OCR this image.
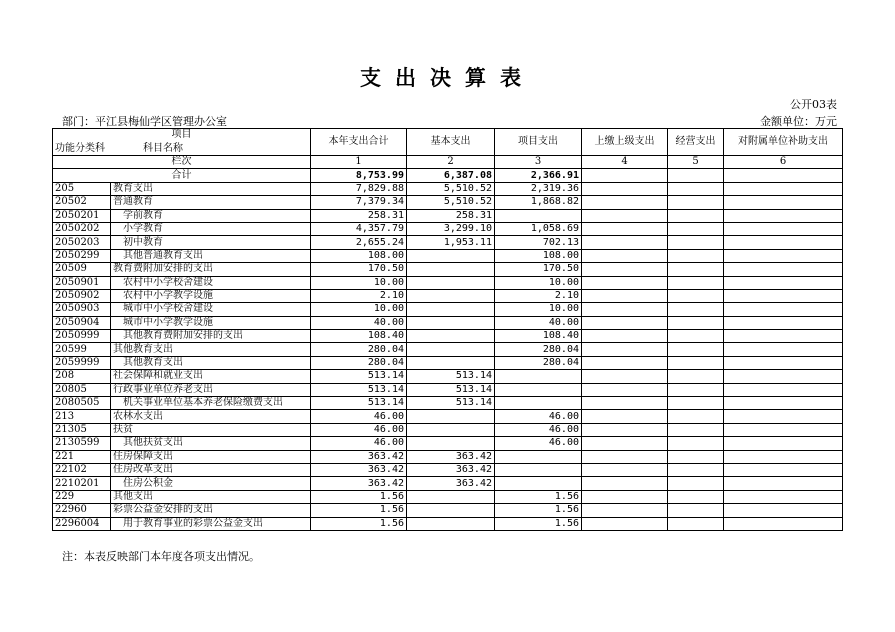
支出决算表
公开03表
部门：平江县梅仙学区管理办公室	金额单位：万元
项目
功能分类科 科目名称		本年支出合计	基本支出	项目支出	上缴上级支出	经营支出	对附属单位补助支出
栏次		1	2	3	4	5	6
合计		8,753.99	6,387.08	2,366.91			
205	教育支出	7,829.88	5,510.52	2,319.36			
20502	普通教育	7,379.34	5,510.52	1,868.82			
2050201	学前教育	258.31	258.31				
2050202	小学教育	4,357.79	3,299.10	1,058.69			
2050203	初中教育	2,655.24	1,953.11	702.13			
2050299	其他普通教育支出	108.00		108.00			
20509	教育费附加安排的支出	170.50		170.50			
2050901	农村中小学校舍建设	10.00		10.00			
2050902	农村中小学教学设施	2.10		2.10			
2050903	城市中小学校舍建设	10.00		10.00			
2050904	城市中小学教学设施	40.00		40.00			
2050999	其他教育费附加安排的支出	108.40		108.40			
20599	其他教育支出	280.04		280.04			
2059999	其他教育支出	280.04		280.04			
208	社会保障和就业支出	513.14	513.14				
20805	行政事业单位养老支出	513.14	513.14				
2080505	机关事业单位基本养老保险缴费支出	513.14	513.14				
213	农林水支出	46.00		46.00			
21305	扶贫	46.00		46.00			
2130599	其他扶贫支出	46.00		46.00			
221	住房保障支出	363.42	363.42				
22102	住房改革支出	363.42	363.42				
2210201	住房公积金	363.42	363.42				
229	其他支出	1.56		1.56			
22960	彩票公益金安排的支出	1.56		1.56			
2296004	用于教育事业的彩票公益金支出	1.56		1.56			
注：本表反映部门本年度各项支出情况。
